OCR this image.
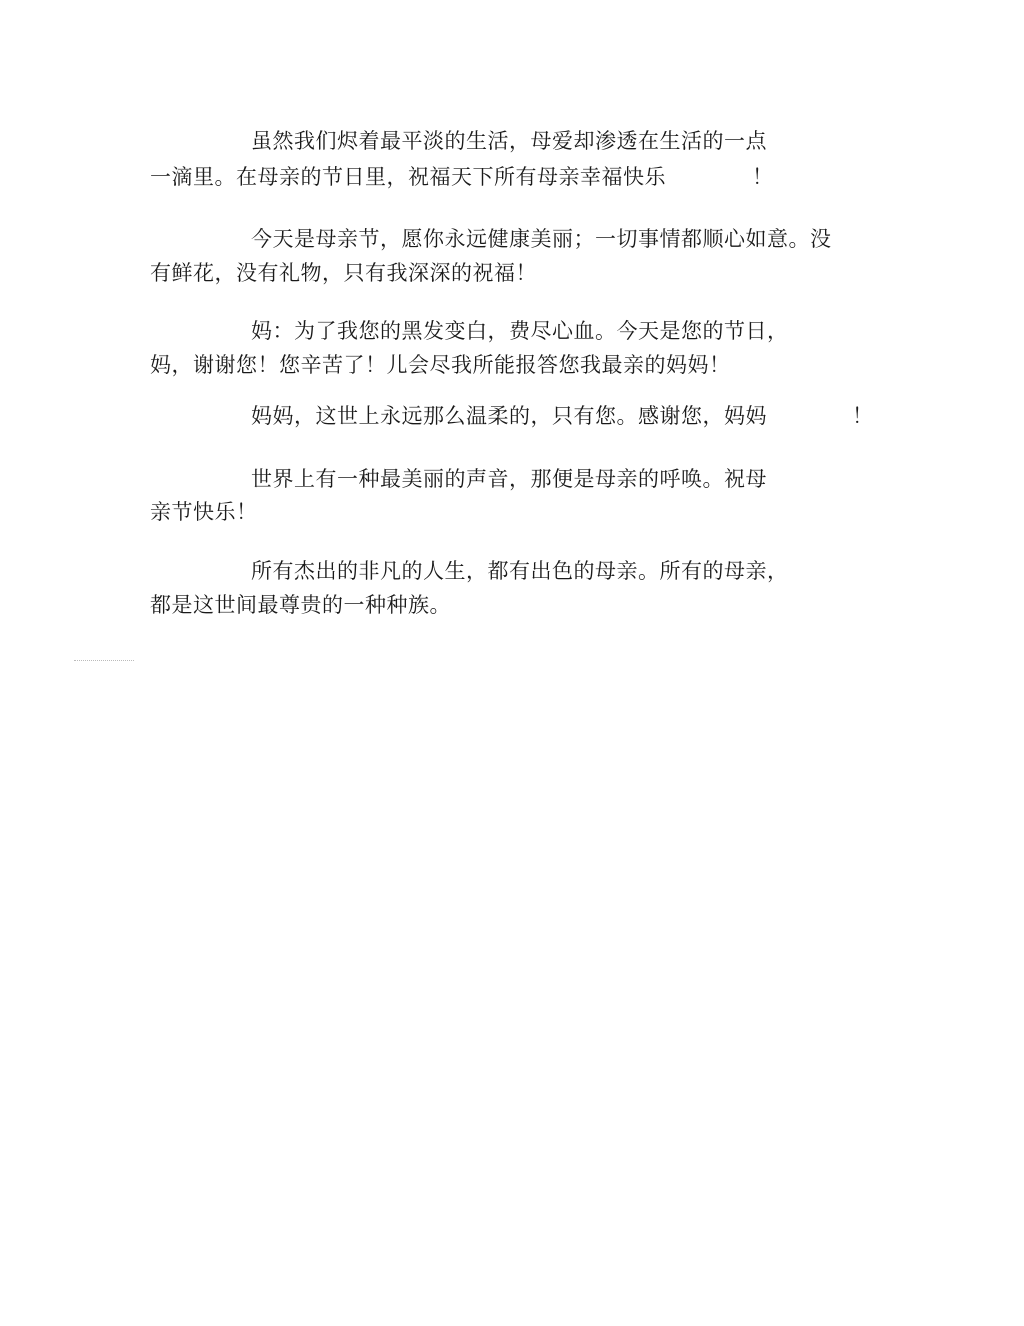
虽然我们烬着最平淡的生活，母爱却渗透在生活的一点
一滴里。在母亲的节日里，祝福天下所有母亲幸福快乐	！
今天是母亲节，愿你永远健康美丽；一切事情都顺心如意。没
有鲜花，没有礼物，只有我深深的祝福！
妈：为了我您的黑发变白，费尽心血。今天是您的节日，
妈，谢谢您！您辛苦了！儿会尽我所能报答您我最亲的妈妈！
妈妈，这世上永远那么温柔的，只有您。感谢您，妈妈	！
世界上有一种最美丽的声音，那便是母亲的呼唤。祝母
亲节快乐！
所有杰出的非凡的人生，都有出色的母亲。所有的母亲，
都是这世间最尊贵的一种种族。
